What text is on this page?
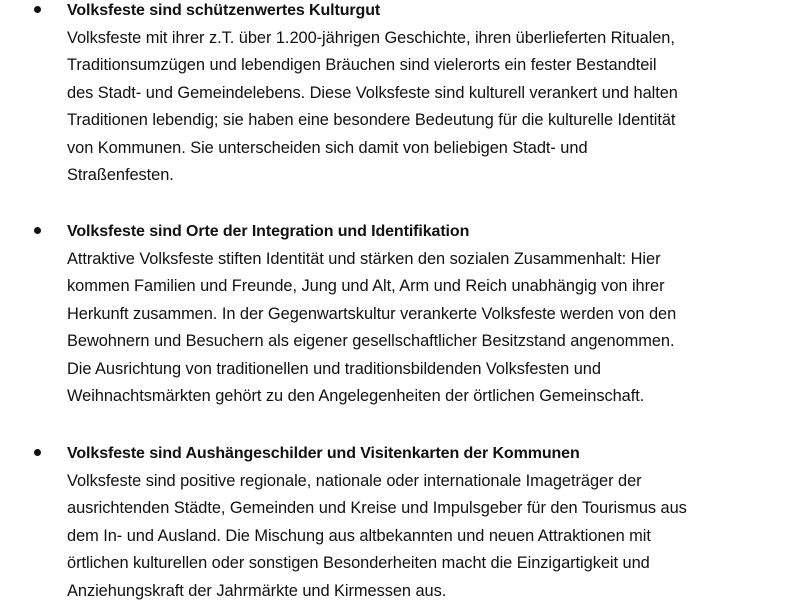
Volksfeste sind schützenwertes Kulturgut
Volksfeste mit ihrer z.T. über 1.200-jährigen Geschichte, ihren überlieferten Ritualen,
Traditionsumzügen und lebendigen Bräuchen sind vielerorts ein fester Bestandteil
des Stadt- und Gemeindelebens. Diese Volksfeste sind kulturell verankert und halten
Traditionen lebendig; sie haben eine besondere Bedeutung für die kulturelle Identität
von Kommunen. Sie unterscheiden sich damit von beliebigen Stadt- und
Straßenfesten.
Volksfeste sind Orte der Integration und Identifikation
Attraktive Volksfeste stiften Identität und stärken den sozialen Zusammenhalt: Hier
kommen Familien und Freunde, Jung und Alt, Arm und Reich unabhängig von ihrer
Herkunft zusammen. In der Gegenwartskultur verankerte Volksfeste werden von den
Bewohnern und Besuchern als eigener gesellschaftlicher Besitzstand angenommen.
Die Ausrichtung von traditionellen und traditionsbildenden Volksfesten und
Weihnachtsmärkten gehört zu den Angelegenheiten der örtlichen Gemeinschaft.
Volksfeste sind Aushängeschilder und Visitenkarten der Kommunen
Volksfeste sind positive regionale, nationale oder internationale Imageträger der
ausrichtenden Städte, Gemeinden und Kreise und Impulsgeber für den Tourismus aus
dem In- und Ausland. Die Mischung aus altbekannten und neuen Attraktionen mit
örtlichen kulturellen oder sonstigen Besonderheiten macht die Einzigartigkeit und
Anziehungskraft der Jahrmärkte und Kirmessen aus.
